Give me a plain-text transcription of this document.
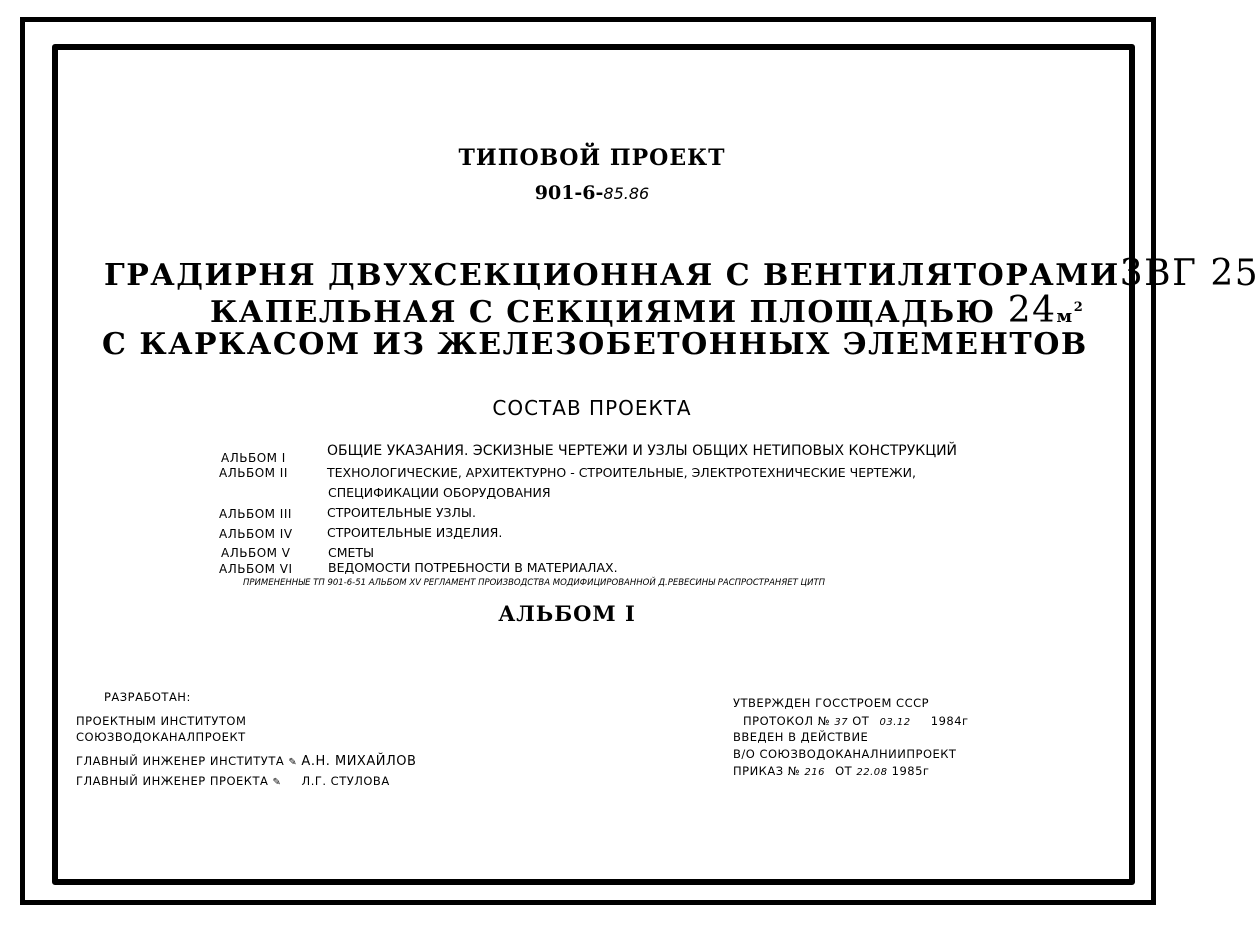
ТИПОВОЙ ПРОЕКТ
901-6-85.86
ГРАДИРНЯ ДВУХСЕКЦИОННАЯ С ВЕНТИЛЯТОРАМИ3ВГ 25
КАПЕЛЬНАЯ С СЕКЦИЯМИ ПЛОЩАДЬЮ $24м^2$
С КАРКАСОМ ИЗ ЖЕЛЕЗОБЕТОННЫХ ЭЛЕМЕНТОВ
СОСТАВ ПРОЕКТА
АЛЬБОМ I	ОБЩИЕ УКАЗАНИЯ. ЭСКИЗНЫЕ ЧЕРТЕЖИ И УЗЛЫ ОБЩИХ НЕТИПОВЫХ КОНСТРУКЦИЙ
АЛЬБОМ II	ТЕХНОЛОГИЧЕСКИЕ, АРХИТЕКТУРНО - СТРОИТЕЛЬНЫЕ, ЭЛЕКТРОТЕХНИЧЕСКИЕ ЧЕРТЕЖИ,
СПЕЦИФИКАЦИИ ОБОРУДОВАНИЯ
АЛЬБОМ III	СТРОИТЕЛЬНЫЕ УЗЛЫ.
АЛЬБОМ IV	СТРОИТЕЛЬНЫЕ ИЗДЕЛИЯ.
АЛЬБОМ V	СМЕТЫ
АЛЬБОМ VI	ВЕДОМОСТИ ПОТРЕБНОСТИ В МАТЕРИАЛАХ.
ПРИМЕНЕННЫЕ ТП 901-6-51 АЛЬБОМ XV РЕГЛАМЕНТ ПРОИЗВОДСТВА МОДИФИЦИРОВАННОЙ Д.РЕВЕСИНЫ РАСПРОСТРАНЯЕТ ЦИТП
АЛЬБОМ I
РАЗРАБОТАН:
ПРОЕКТНЫМ ИНСТИТУТОМ
СОЮЗВОДОКАНАЛПРОЕКТ
ГЛАВНЫЙ ИНЖЕНЕР ИНСТИТУТА ✎ А.Н. МИХАЙЛОВ
ГЛАВНЫЙ ИНЖЕНЕР ПРОЕКТА ✎ Л.Г. СТУЛОВА
УТВЕРЖДЕН ГОССТРОЕМ СССР
ПРОТОКОЛ № 37 ОТ 03.12 1984г
ВВЕДЕН В ДЕЙСТВИЕ
В/О СОЮЗВОДОКАНАЛНИИПРОЕКТ
ПРИКАЗ № 216 ОТ 22.08 1985г
